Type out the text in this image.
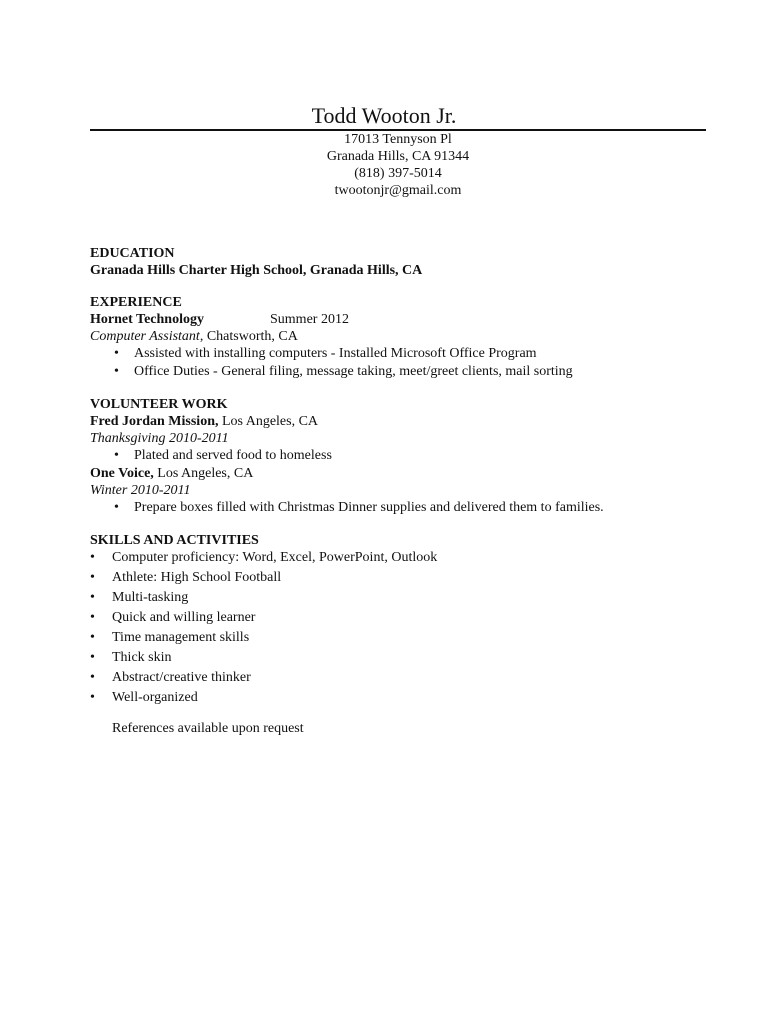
Todd Wooton Jr.
17013 Tennyson Pl
Granada Hills, CA 91344
(818) 397-5014
twootonjr@gmail.com
EDUCATION
Granada Hills Charter High School, Granada Hills, CA
EXPERIENCE
Hornet Technology	Summer 2012
Computer Assistant, Chatsworth, CA
• Assisted with installing computers - Installed Microsoft Office Program
• Office Duties - General filing, message taking, meet/greet clients, mail sorting
VOLUNTEER WORK
Fred Jordan Mission, Los Angeles, CA
Thanksgiving 2010-2011
• Plated and served food to homeless
One Voice, Los Angeles, CA
Winter 2010-2011
• Prepare boxes filled with Christmas Dinner supplies and delivered them to families.
SKILLS AND ACTIVITIES
• Computer proficiency: Word, Excel, PowerPoint, Outlook
• Athlete: High School Football
• Multi-tasking
• Quick and willing learner
• Time management skills
• Thick skin
• Abstract/creative thinker
• Well-organized
References available upon request
